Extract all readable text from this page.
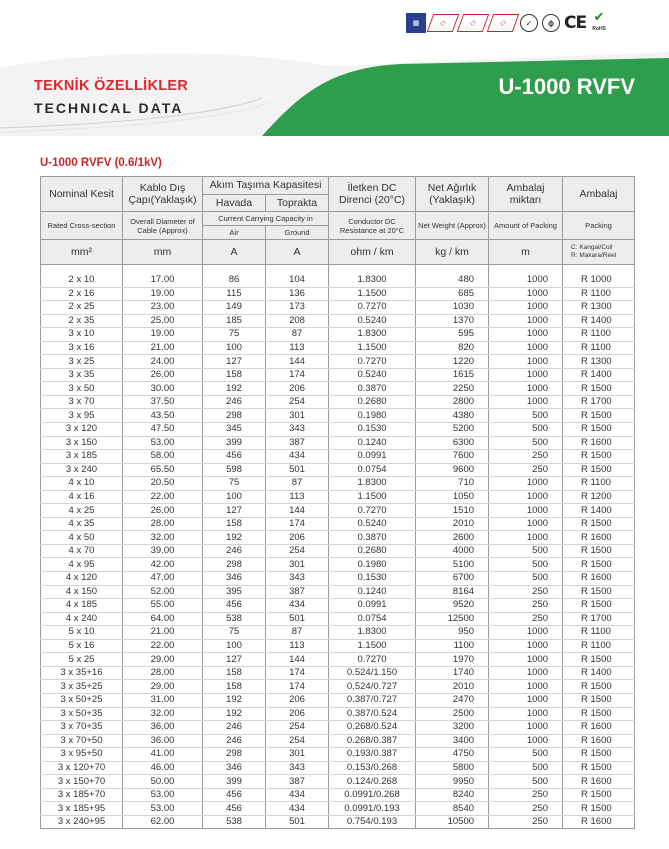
▦	◇	◇	◇	✓	ɸ CE ✔
RoHS
TEKNİK ÖZELLİKLER
TECHNICAL DATA
U-1000 RVFV
U-1000 RVFV (0.6/1kV)
Nominal Kesit	Kablo Dış Çapı(Yaklaşık)	Akım Taşıma Kapasitesi		İletken DC Direnci (20°C)	Net Ağırlık (Yaklaşık)	Ambalaj miktarı	Ambalaj
		Havada	Toprakta				
Rated Cross-section	Overall Diameter of Cable (Approx)	Current Carrying Capacity in		Conductor DC Resistance at 20°C	Net Weight (Approx)	Amount of Packing	Packing
		Air	Ground				
mm²	mm	A	A	ohm / km	kg / km	m	C: Kangal/Coil
R: Makara/Reel

2 x 10	17.00	86	104	1.8300	480	1000	R 1000
2 x 16	19.00	115	136	1.1500	685	1000	R 1100
2 x 25	23.00	149	173	0.7270	1030	1000	R 1300
2 x 35	25.00	185	208	0.5240	1370	1000	R 1400
3 x 10	19.00	75	87	1.8300	595	1000	R 1100
3 x 16	21.00	100	113	1.1500	820	1000	R 1100
3 x 25	24.00	127	144	0.7270	1220	1000	R 1300
3 x 35	26.00	158	174	0.5240	1615	1000	R 1400
3 x 50	30.00	192	206	0.3870	2250	1000	R 1500
3 x 70	37.50	246	254	0.2680	2800	1000	R 1700
3 x 95	43.50	298	301	0.1980	4380	500	R 1500
3 x 120	47.50	345	343	0.1530	5200	500	R 1500
3 x 150	53.00	399	387	0.1240	6300	500	R 1600
3 x 185	58.00	456	434	0.0991	7600	250	R 1500
3 x 240	65.50	598	501	0.0754	9600	250	R 1500
4 x 10	20.50	75	87	1.8300	710	1000	R 1100
4 x 16	22.00	100	113	1.1500	1050	1000	R 1200
4 x 25	26.00	127	144	0.7270	1510	1000	R 1400
4 x 35	28.00	158	174	0.5240	2010	1000	R 1500
4 x 50	32.00	192	206	0.3870	2600	1000	R 1600
4 x 70	39.00	246	254	0.2680	4000	500	R 1500
4 x 95	42.00	298	301	0.1980	5100	500	R 1500
4 x 120	47.00	346	343	0.1530	6700	500	R 1600
4 x 150	52.00	395	387	0.1240	8164	250	R 1500
4 x 185	55.00	456	434	0.0991	9520	250	R 1500
4 x 240	64.00	538	501	0.0754	12500	250	R 1700
5 x 10	21.00	75	87	1.8300	950	1000	R 1100
5 x 16	22.00	100	113	1.1500	1100	1000	R 1100
5 x 25	29.00	127	144	0.7270	1970	1000	R 1500
3 x 35+16	28.00	158	174	0.524/1.150	1740	1000	R 1400
3 x 35+25	29.00	158	174	0.524/0.727	2010	1000	R 1500
3 x 50+25	31.00	192	206	0.387/0.727	2470	1000	R 1500
3 x 50+35	32.00	192	206	0.387/0.524	2500	1000	R 1500
3 x 70+35	36.00	246	254	0.268/0.524	3200	1000	R 1600
3 x 70+50	36.00	246	254	0.268/0.387	3400	1000	R 1600
3 x 95+50	41.00	298	301	0.193/0.387	4750	500	R 1500
3 x 120+70	46.00	346	343	0.153/0.268	5800	500	R 1500
3 x 150+70	50.00	399	387	0.124/0.268	9950	500	R 1600
3 x 185+70	53.00	456	434	0.0991/0.268	8240	250	R 1500
3 x 185+95	53.00	456	434	0.0991/0.193	8540	250	R 1500
3 x 240+95	62.00	538	501	0.754/0.193	10500	250	R 1600
